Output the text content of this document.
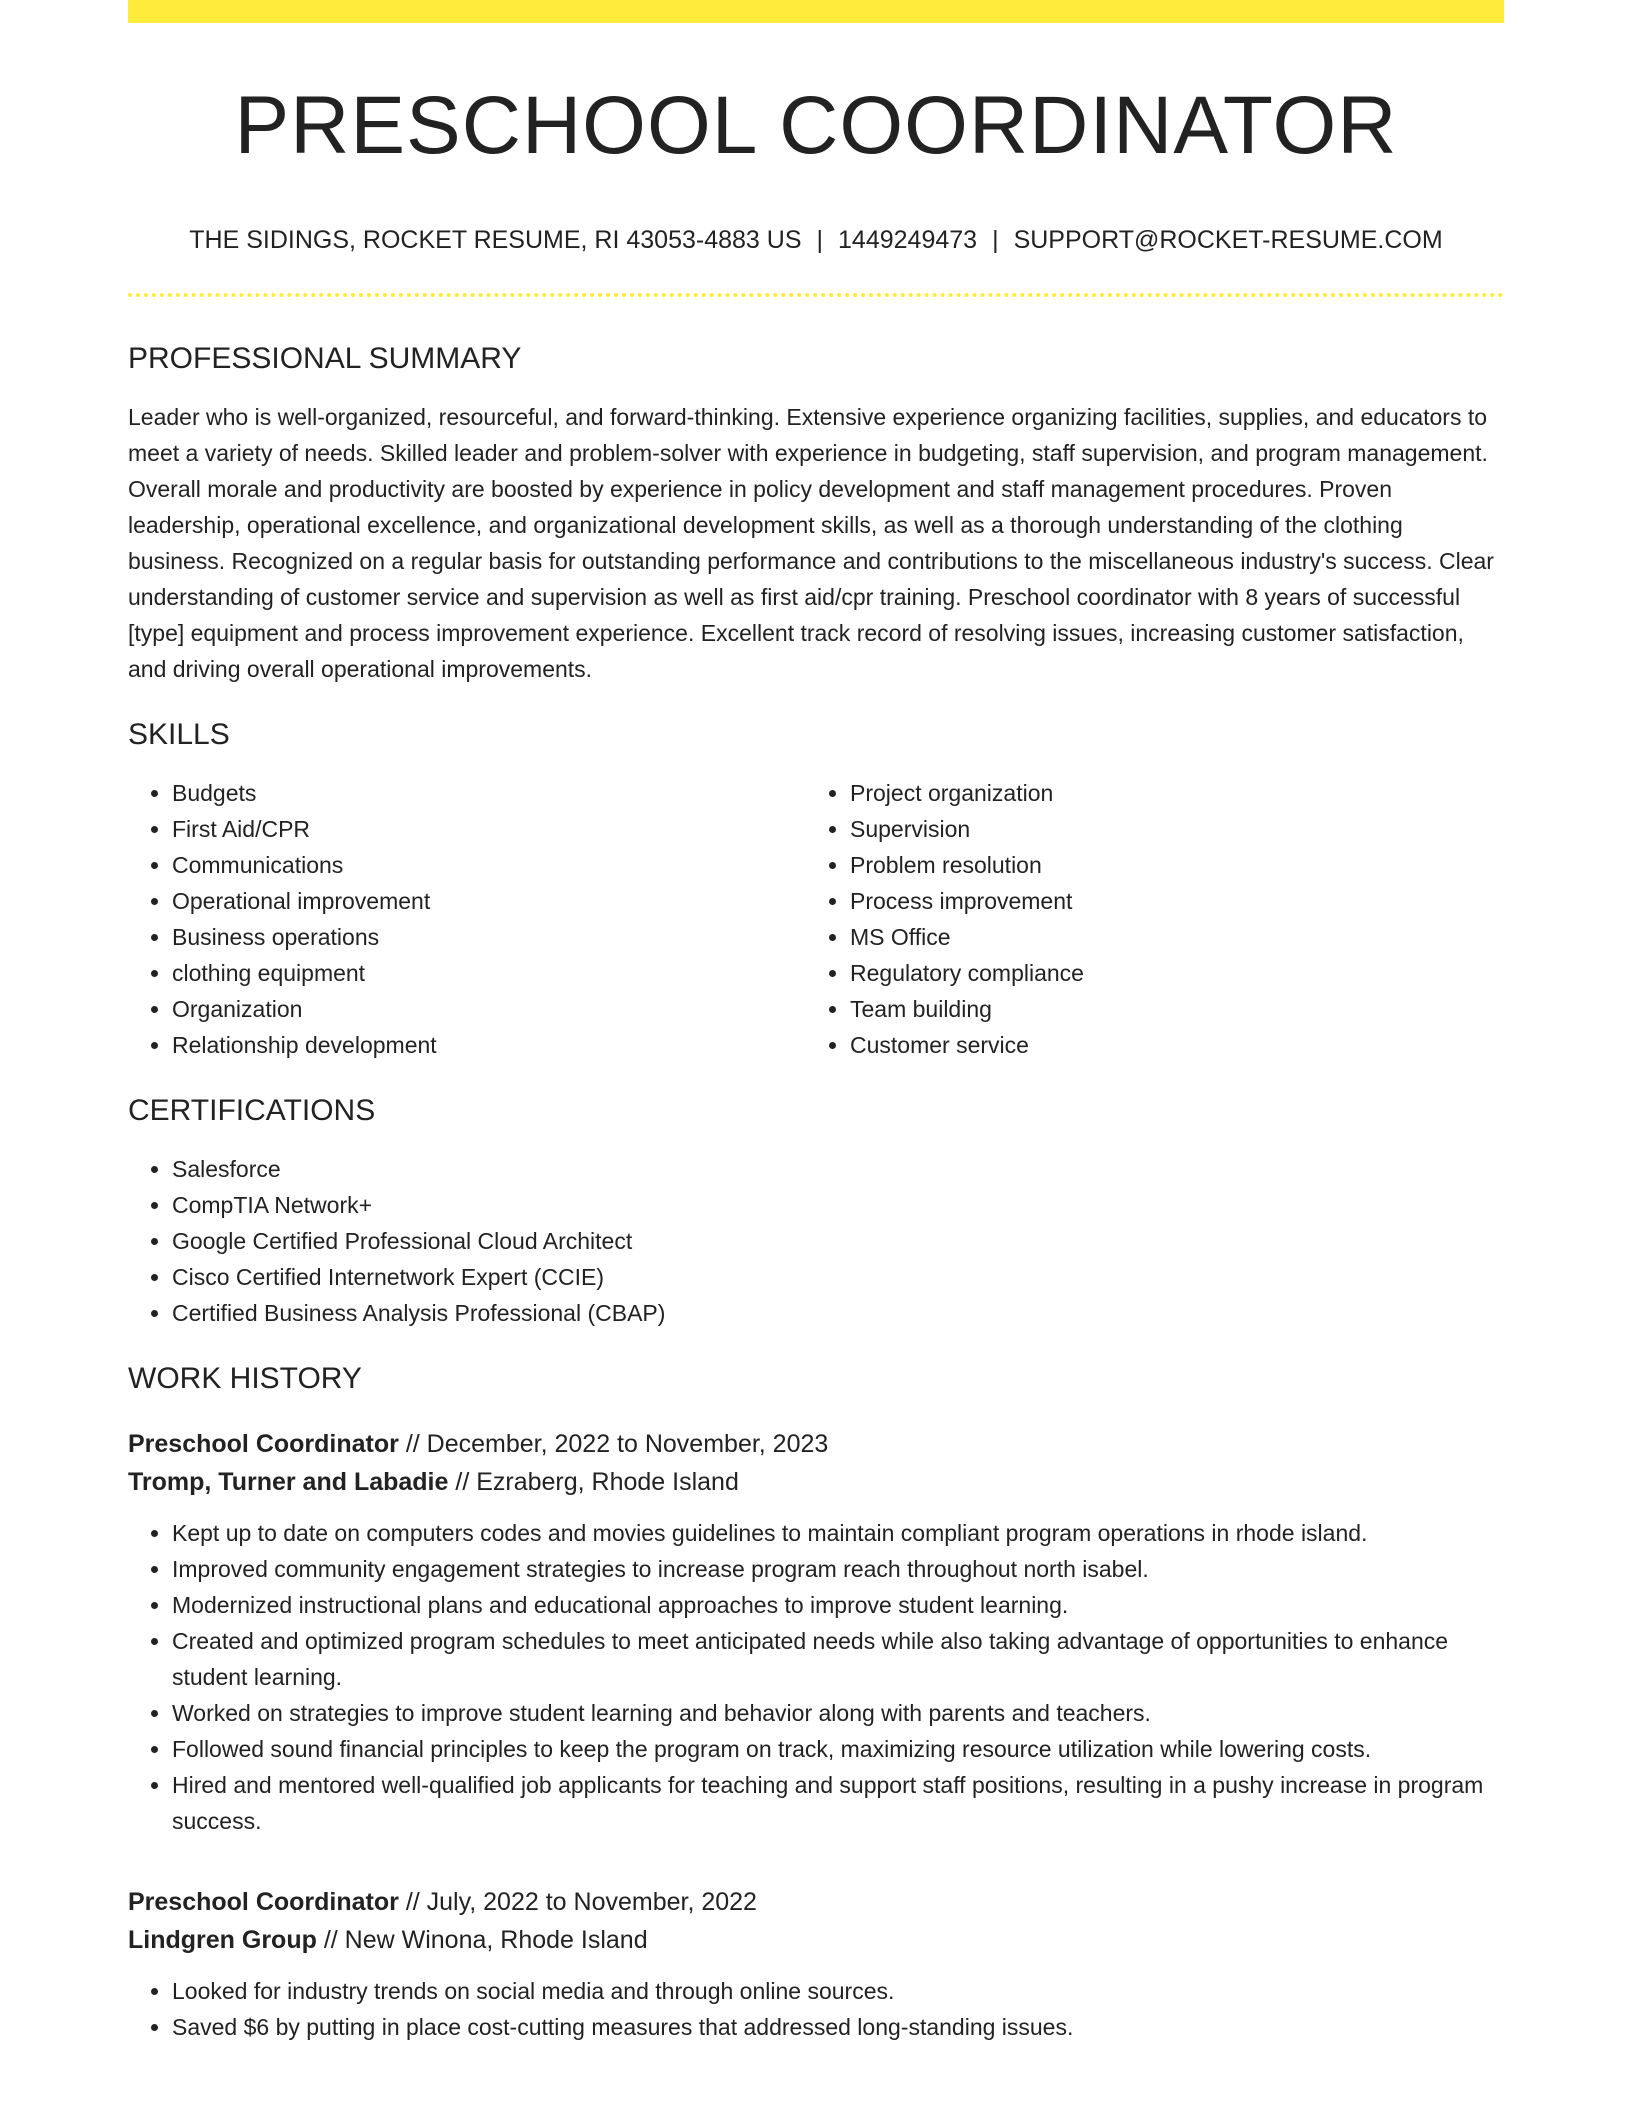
PRESCHOOL COORDINATOR
THE SIDINGS, ROCKET RESUME, RI 43053-4883 US | 1449249473 | SUPPORT@ROCKET-RESUME.COM
PROFESSIONAL SUMMARY
Leader who is well-organized, resourceful, and forward-thinking. Extensive experience organizing facilities, supplies, and educators to meet a variety of needs. Skilled leader and problem-solver with experience in budgeting, staff supervision, and program management. Overall morale and productivity are boosted by experience in policy development and staff management procedures. Proven leadership, operational excellence, and organizational development skills, as well as a thorough understanding of the clothing business. Recognized on a regular basis for outstanding performance and contributions to the miscellaneous industry's success. Clear understanding of customer service and supervision as well as first aid/cpr training. Preschool coordinator with 8 years of successful [type] equipment and process improvement experience. Excellent track record of resolving issues, increasing customer satisfaction, and driving overall operational improvements.
SKILLS
• Budgets
• First Aid/CPR
• Communications
• Operational improvement
• Business operations
• clothing equipment
• Organization
• Relationship development
• Project organization
• Supervision
• Problem resolution
• Process improvement
• MS Office
• Regulatory compliance
• Team building
• Customer service
CERTIFICATIONS
• Salesforce
• CompTIA Network+
• Google Certified Professional Cloud Architect
• Cisco Certified Internetwork Expert (CCIE)
• Certified Business Analysis Professional (CBAP)
WORK HISTORY
Preschool Coordinator // December, 2022 to November, 2023
Tromp, Turner and Labadie // Ezraberg, Rhode Island
• Kept up to date on computers codes and movies guidelines to maintain compliant program operations in rhode island.
• Improved community engagement strategies to increase program reach throughout north isabel.
• Modernized instructional plans and educational approaches to improve student learning.
• Created and optimized program schedules to meet anticipated needs while also taking advantage of opportunities to enhance student learning.
• Worked on strategies to improve student learning and behavior along with parents and teachers.
• Followed sound financial principles to keep the program on track, maximizing resource utilization while lowering costs.
• Hired and mentored well-qualified job applicants for teaching and support staff positions, resulting in a pushy increase in program success.
Preschool Coordinator // July, 2022 to November, 2022
Lindgren Group // New Winona, Rhode Island
• Looked for industry trends on social media and through online sources.
• Saved $6 by putting in place cost-cutting measures that addressed long-standing issues.
